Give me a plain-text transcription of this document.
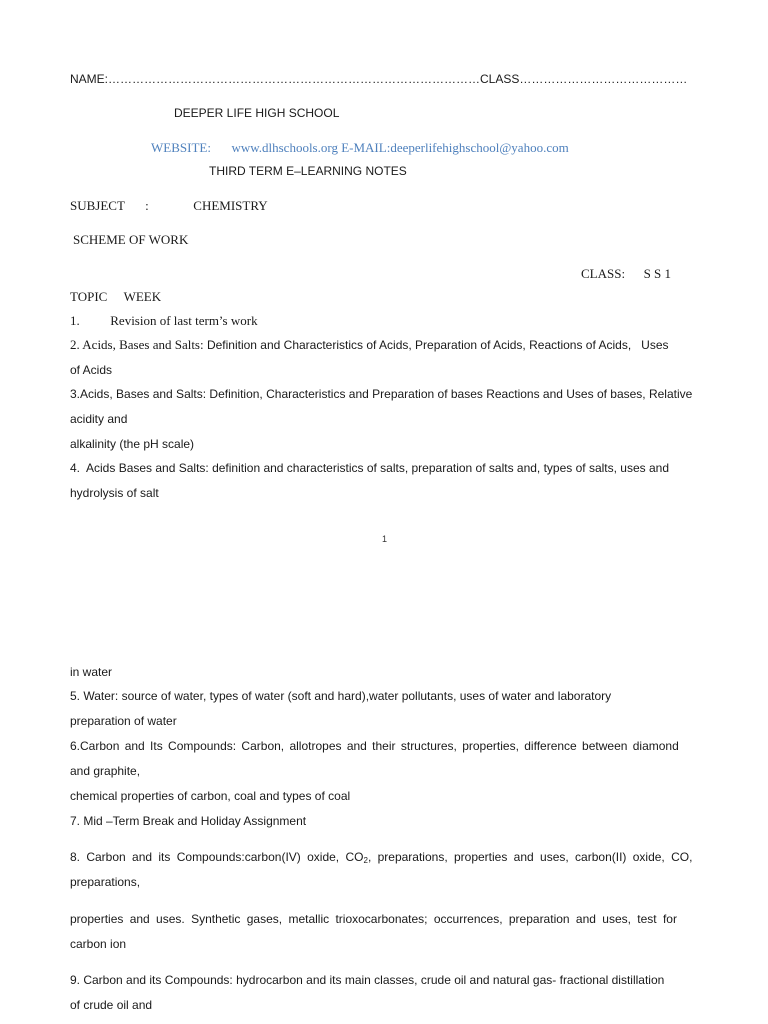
NAME:…………………………………………………………………………………CLASS……………………………………
DEEPER LIFE HIGH SCHOOL
WEBSITE: www.dlhschools.org E-MAIL:deeperlifehighschool@yahoo.com
THIRD TERM E–LEARNING NOTES
SUBJECT :	CHEMISTRY
SCHEME OF WORK
CLASS: S S 1
TOPIC WEEK
1. Revision of last term’s work
2. Acids, Bases and Salts: Definition and Characteristics of Acids, Preparation of Acids, Reactions of Acids,   Uses
of Acids
3.Acids, Bases and Salts: Definition, Characteristics and Preparation of bases Reactions and Uses of bases, Relative
acidity and
alkalinity (the pH scale)
4.  Acids Bases and Salts: definition and characteristics of salts, preparation of salts and, types of salts, uses and
hydrolysis of salt
1
in water
5. Water: source of water, types of water (soft and hard),water pollutants, uses of water and laboratory
preparation of water
6.Carbon and Its Compounds: Carbon, allotropes and their structures, properties, difference between diamond
and graphite,
chemical properties of carbon, coal and types of coal
7. Mid –Term Break and Holiday Assignment
8. Carbon and its Compounds:carbon(IV) oxide, $CO_2$, preparations, properties and uses, carbon(II) oxide, CO,
preparations,
properties and uses. Synthetic gases, metallic trioxocarbonates; occurrences, preparation and uses, test for
carbon ion
9. Carbon and its Compounds: hydrocarbon and its main classes, crude oil and natural gas- fractional distillation
of crude oil and
